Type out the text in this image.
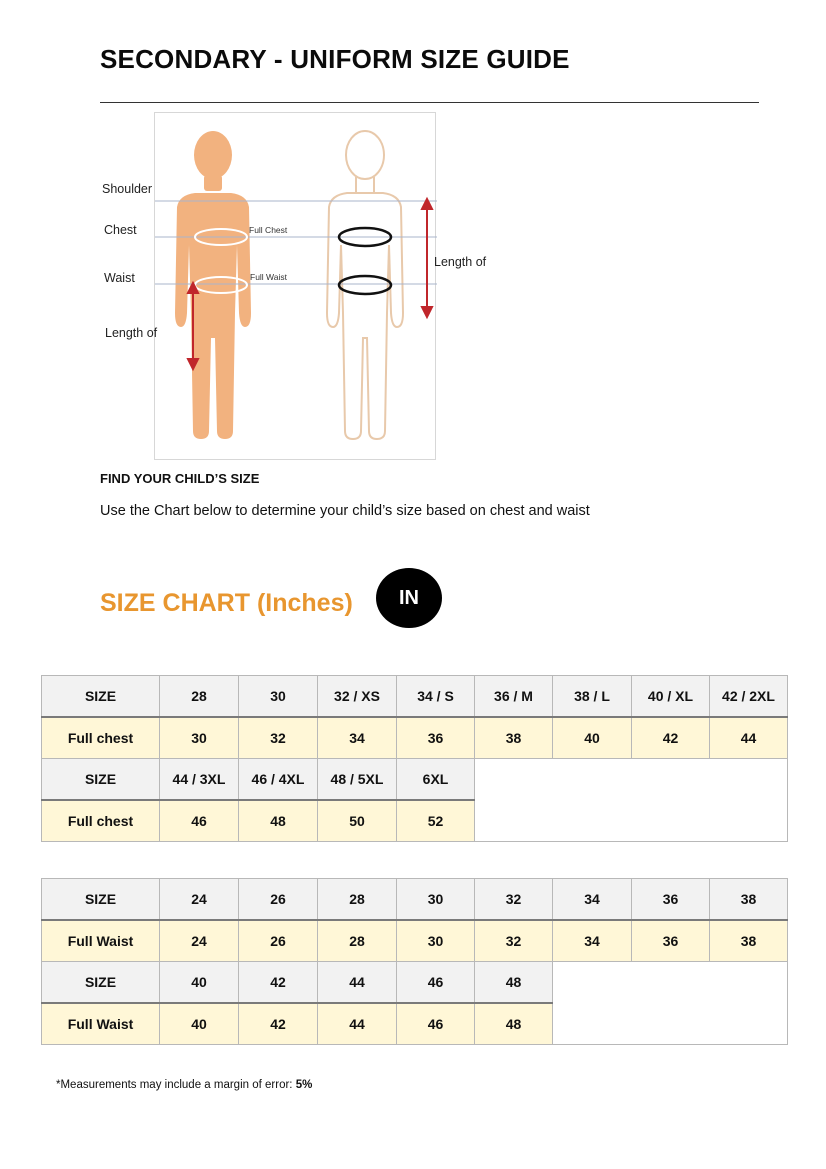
SECONDARY - UNIFORM SIZE GUIDE
Shoulder
Chest
Waist
Length of
Full Chest
Full Waist
Length of

FIND YOUR CHILD’S SIZE

Use the Chart below to determine your child’s size based on chest and waist

SIZE CHART (Inches)	IN
SIZE	28	30	32 / XS	34 / S	36 / M	38 / L	40 / XL	42 / 2XL
Full chest	30	32	34	36	38	40	42	44
SIZE	44 / 3XL	46 / 4XL	48 / 5XL	6XL				
Full chest	46	48	50	52				
SIZE	24	26	28	30	32	34	36	38
Full Waist	24	26	28	30	32	34	36	38
SIZE	40	42	44	46	48			
Full Waist	40	42	44	46	48			

*Measurements may include a margin of error: 5%
